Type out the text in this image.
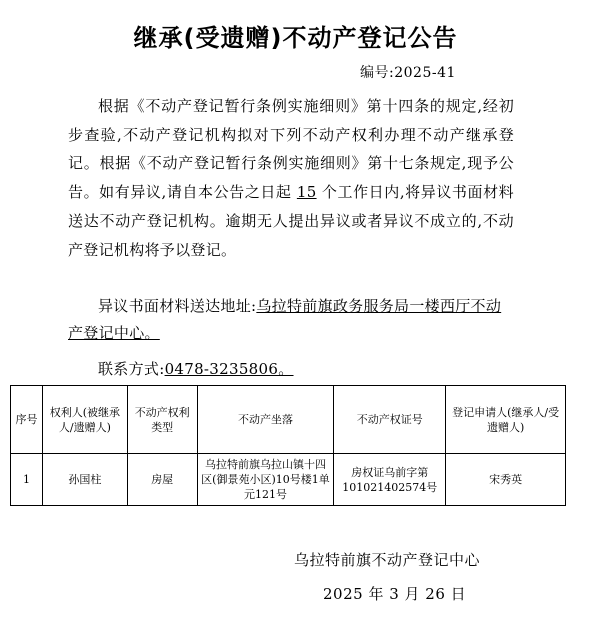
继承(受遗赠)不动产登记公告
编号:2025-41
根据《不动产登记暂行条例实施细则》第十四条的规定,经初步查验,不动产登记机构拟对下列不动产权利办理不动产继承登记。根据《不动产登记暂行条例实施细则》第十七条规定,现予公告。如有异议,请自本公告之日起 15 个工作日内,将异议书面材料送达不动产登记机构。逾期无人提出异议或者异议不成立的,不动产登记机构将予以登记。
异议书面材料送达地址:乌拉特前旗政务服务局一楼西厅不动产登记中心。
联系方式:0478-3235806。
序号	权利人(被继承人/遗赠人)	不动产权利类型	不动产坐落	不动产权证号	登记申请人(继承人/受遗赠人)
1	孙国柱	房屋	乌拉特前旗乌拉山镇十四区(御景苑小区)10号楼1单元121号	房权证乌前字第101021402574号	宋秀英
乌拉特前旗不动产登记中心
2025 年 3 月 26 日
